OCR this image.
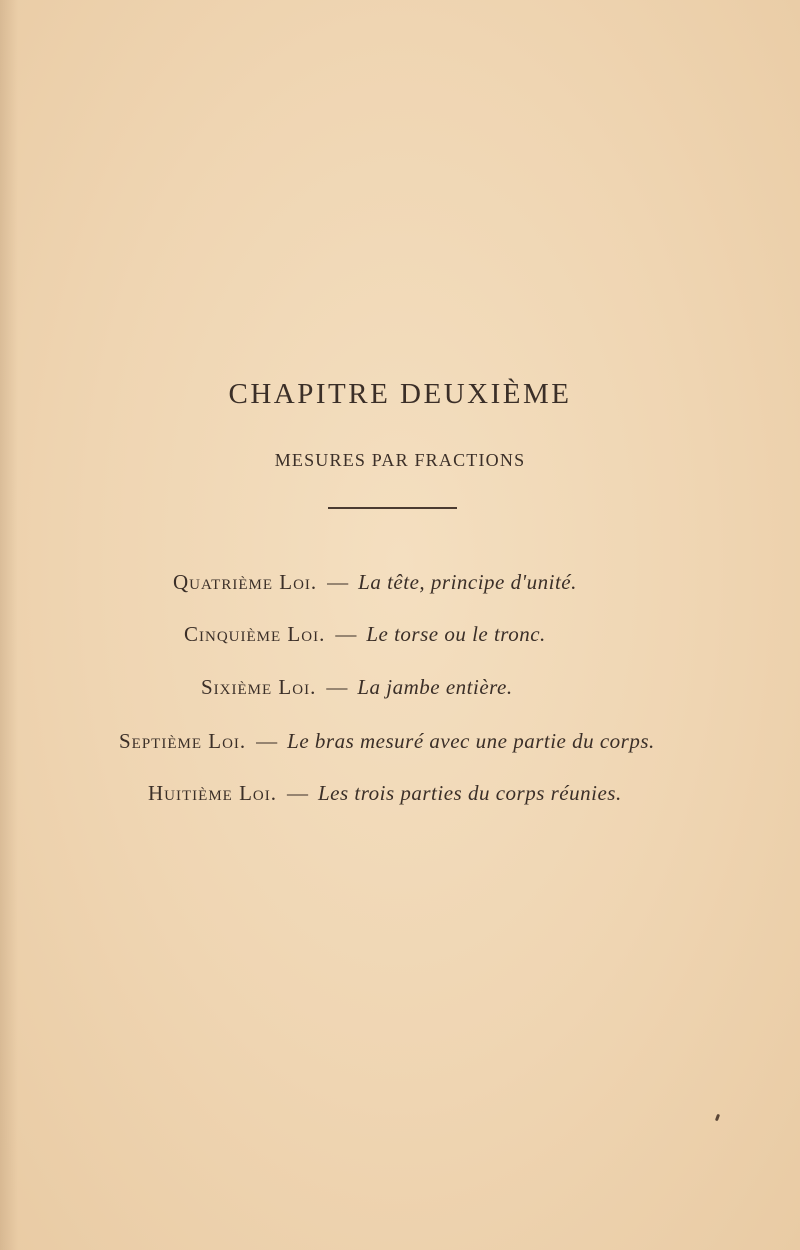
CHAPITRE DEUXIÈME
MESURES PAR FRACTIONS
Quatrième Loi. — La tête, principe d'unité.
Cinquième Loi. — Le torse ou le tronc.
Sixième Loi. — La jambe entière.
Septième Loi. — Le bras mesuré avec une partie du corps.
Huitième Loi. — Les trois parties du corps réunies.
